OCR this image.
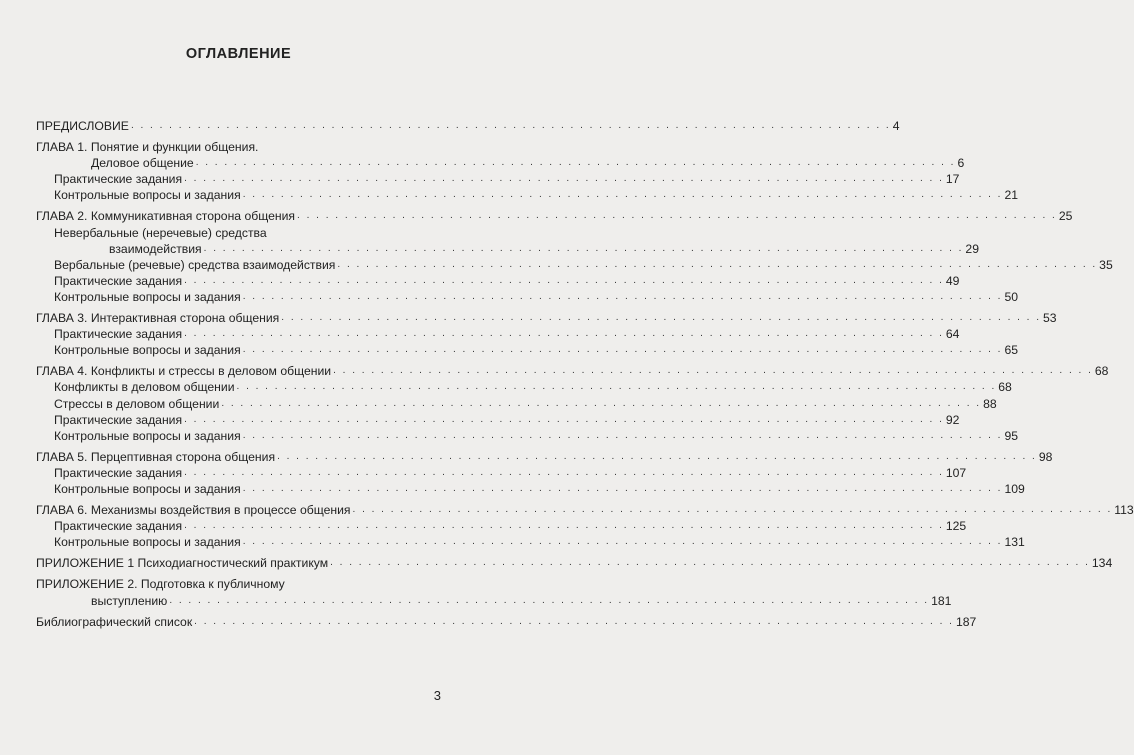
ОГЛАВЛЕНИЕ
ПРЕДИСЛОВИЕ . . .	4
ГЛАВА 1. Понятие и функции общения.
Деловое общение . . .	6
Практические задания . . .	17
Контрольные вопросы и задания . . .	21
ГЛАВА 2. Коммуникативная сторона общения . . .	25
Невербальные (неречевые) средства
взаимодействия . . .	29
Вербальные (речевые) средства взаимодействия . . .	35
Практические задания . . .	49
Контрольные вопросы и задания . . .	50
ГЛАВА 3. Интерактивная сторона общения . . .	53
Практические задания . . .	64
Контрольные вопросы и задания . . .	65
ГЛАВА 4. Конфликты и стрессы в деловом общении . . .	68
Конфликты в деловом общении . . .	68
Стрессы в деловом общении . . .	88
Практические задания . . .	92
Контрольные вопросы и задания . . .	95
ГЛАВА 5. Перцептивная сторона общения . . .	98
Практические задания . . .	107
Контрольные вопросы и задания . . .	109
ГЛАВА 6. Механизмы воздействия в процессе общения . . .	113
Практические задания . . .	125
Контрольные вопросы и задания . . .	131
ПРИЛОЖЕНИЕ 1 Психодиагностический практикум . . .	134
ПРИЛОЖЕНИЕ 2. Подготовка к публичному
выступлению . . .	181
Библиографический список . . .	187
3
